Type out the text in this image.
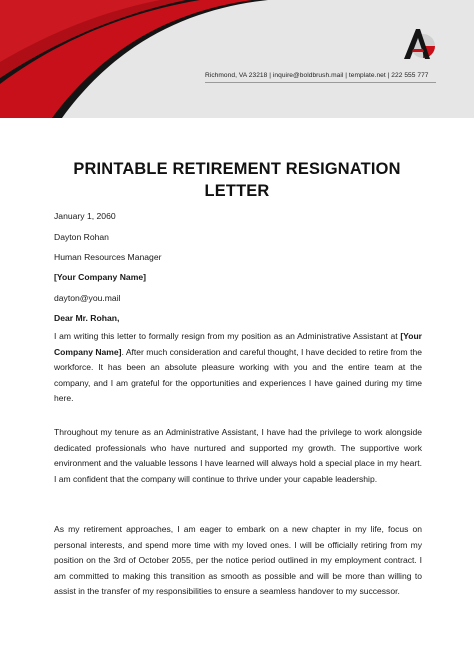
Richmond, VA 23218 | inquire@boldbrush.mail | template.net | 222 555 777
PRINTABLE RETIREMENT RESIGNATION LETTER
January 1, 2060
Dayton Rohan
Human Resources Manager
[Your Company Name]
dayton@you.mail
Dear Mr. Rohan,

I am writing this letter to formally resign from my position as an Administrative Assistant at [Your Company Name]. After much consideration and careful thought, I have decided to retire from the workforce. It has been an absolute pleasure working with you and the entire team at the company, and I am grateful for the opportunities and experiences I have gained during my time here.

Throughout my tenure as an Administrative Assistant, I have had the privilege to work alongside dedicated professionals who have nurtured and supported my growth. The supportive work environment and the valuable lessons I have learned will always hold a special place in my heart. I am confident that the company will continue to thrive under your capable leadership.

As my retirement approaches, I am eager to embark on a new chapter in my life, focus on personal interests, and spend more time with my loved ones. I will be officially retiring from my position on the 3rd of October 2055, per the notice period outlined in my employment contract. I am committed to making this transition as smooth as possible and will be more than willing to assist in the transfer of my responsibilities to ensure a seamless handover to my successor.
